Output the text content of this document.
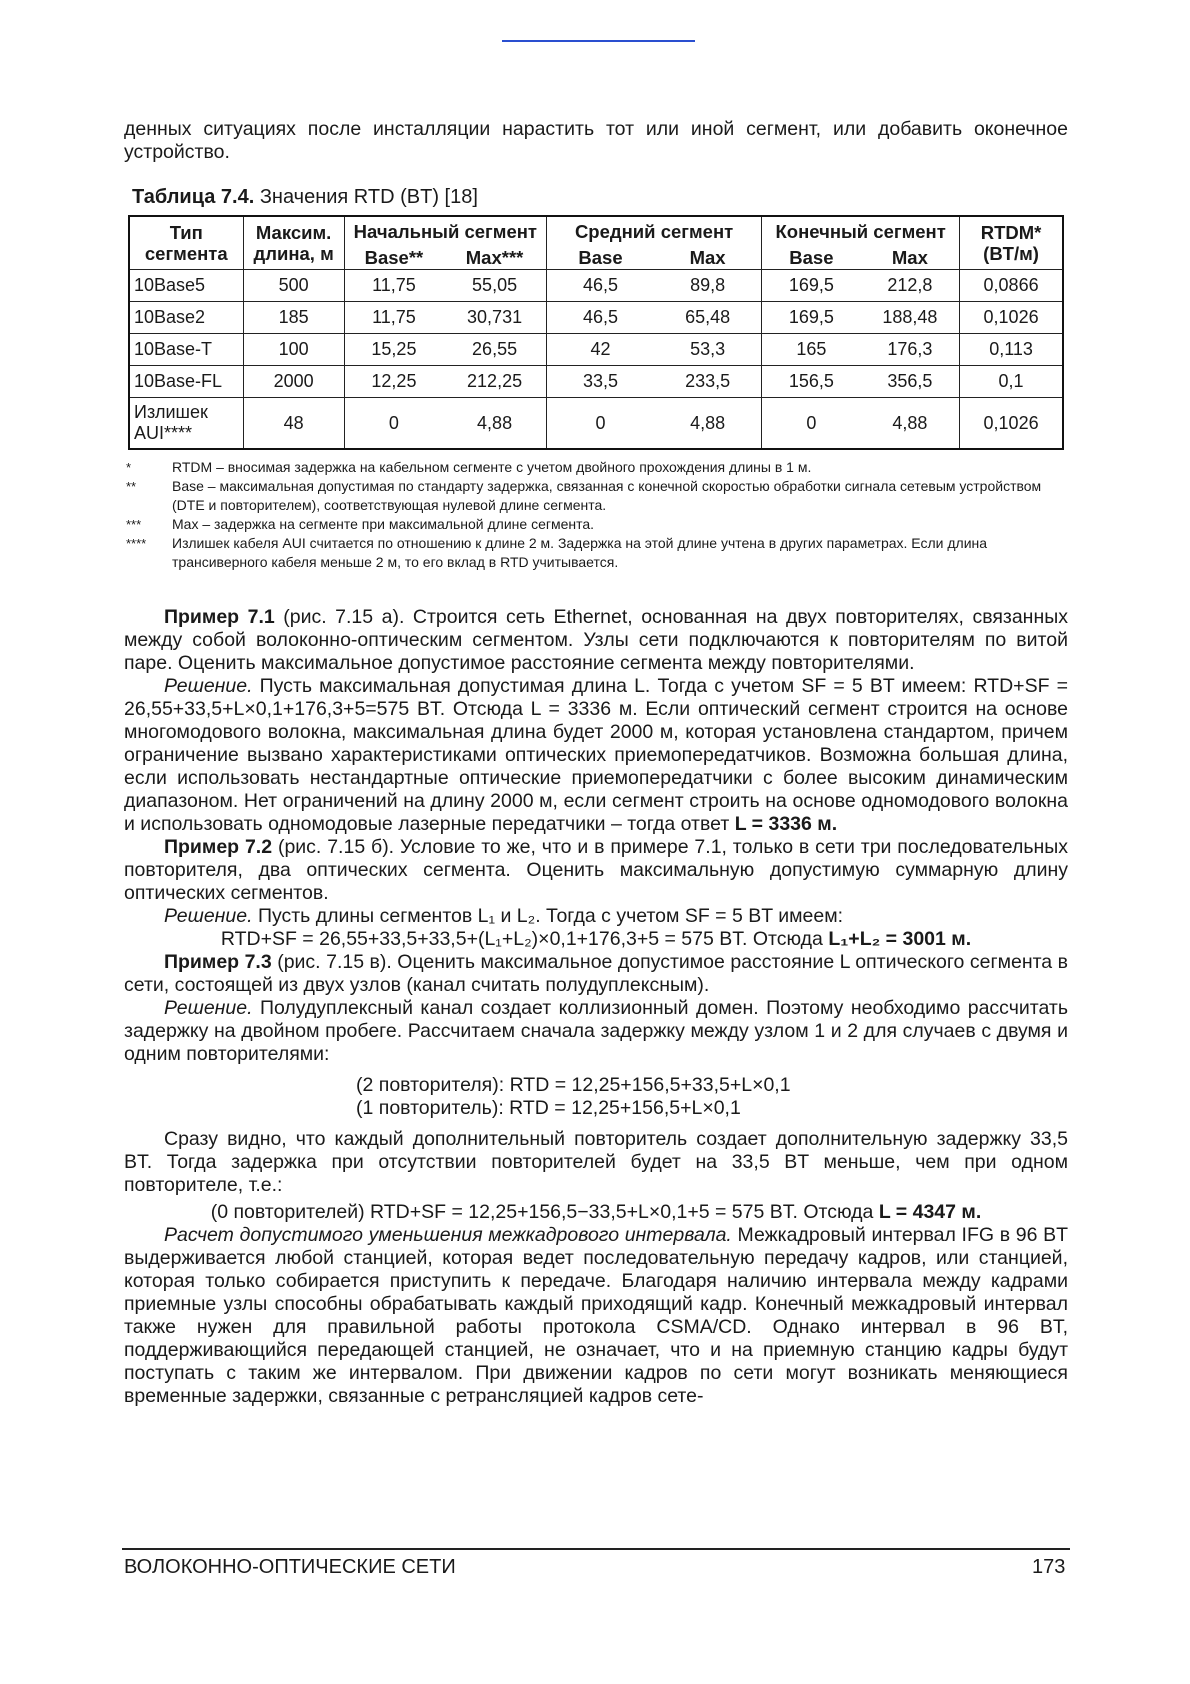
денных ситуациях после инсталляции нарастить тот или иной сегмент, или добавить оконечное устройство.

Таблица 7.4. Значения RTD (BT) [18]
Тип сегмента	Максим. длина, м	Начальный сегмент		Средний сегмент		Конечный сегмент		RTDM* (BT/м)
		Base**	Max***	Base	Max	Base	Max	
10Base5	500	11,75	55,05	46,5	89,8	169,5	212,8	0,0866
10Base2	185	11,75	30,731	46,5	65,48	169,5	188,48	0,1026
10Base-T	100	15,25	26,55	42	53,3	165	176,3	0,113
10Base-FL	2000	12,25	212,25	33,5	233,5	156,5	356,5	0,1
Излишек AUI****	48	0	4,88	0	4,88	0	4,88	0,1026
*	RTDM – вносимая задержка на кабельном сегменте с учетом двойного прохождения длины в 1 м.
**	Base – максимальная допустимая по стандарту задержка, связанная с конечной скоростью обработки сигнала сетевым устройством (DTE и повторителем), соответствующая нулевой длине сегмента.
***	Max – задержка на сегменте при максимальной длине сегмента.
****	Излишек кабеля AUI считается по отношению к длине 2 м. Задержка на этой длине учтена в других параметрах. Если длина трансиверного кабеля меньше 2 м, то его вклад в RTD учитывается.

Пример 7.1 (рис. 7.15 а). Строится сеть Ethernet, основанная на двух повторителях, связанных между собой волоконно-оптическим сегментом. Узлы сети подключаются к повторителям по витой паре. Оценить максимальное допустимое расстояние сегмента между повторителями.

Решение. Пусть максимальная допустимая длина L. Тогда с учетом SF = 5 BT имеем: RTD+SF = 26,55+33,5+L×0,1+176,3+5=575 BT. Отсюда L = 3336 м. Если оптический сегмент строится на основе многомодового волокна, максимальная длина будет 2000 м, которая установлена стандартом, причем ограничение вызвано характеристиками оптических приемопередатчиков. Возможна большая длина, если использовать нестандартные оптические приемопередатчики с более высоким динамическим диапазоном. Нет ограничений на длину 2000 м, если сегмент строить на основе одномодового волокна и использовать одномодовые лазерные передатчики – тогда ответ L = 3336 м.

Пример 7.2 (рис. 7.15 б). Условие то же, что и в примере 7.1, только в сети три последовательных повторителя, два оптических сегмента. Оценить максимальную допустимую суммарную длину оптических сегментов.

Решение. Пусть длины сегментов L₁ и L₂. Тогда с учетом SF = 5 BT имеем:

RTD+SF = 26,55+33,5+33,5+(L₁+L₂)×0,1+176,3+5 = 575 BT. Отсюда L₁+L₂ = 3001 м.

Пример 7.3 (рис. 7.15 в). Оценить максимальное допустимое расстояние L оптического сегмента в сети, состоящей из двух узлов (канал считать полудуплексным).

Решение. Полудуплексный канал создает коллизионный домен. Поэтому необходимо рассчитать задержку на двойном пробеге. Рассчитаем сначала задержку между узлом 1 и 2 для случаев с двумя и одним повторителями:

(2 повторителя): RTD = 12,25+156,5+33,5+L×0,1

(1 повторитель): RTD = 12,25+156,5+L×0,1

Сразу видно, что каждый дополнительный повторитель создает дополнительную задержку 33,5 BT. Тогда задержка при отсутствии повторителей будет на 33,5 BT меньше, чем при одном повторителе, т.е.:

(0 повторителей) RTD+SF = 12,25+156,5−33,5+L×0,1+5 = 575 BT. Отсюда L = 4347 м.

Расчет допустимого уменьшения межкадрового интервала. Межкадровый интервал IFG в 96 BT выдерживается любой станцией, которая ведет последовательную передачу кадров, или станцией, которая только собирается приступить к передаче. Благодаря наличию интервала между кадрами приемные узлы способны обрабатывать каждый приходящий кадр. Конечный межкадровый интервал также нужен для правильной работы протокола CSMA/CD. Однако интервал в 96 BT, поддерживающийся передающей станцией, не означает, что и на приемную станцию кадры будут поступать с таким же интервалом. При движении кадров по сети могут возникать меняющиеся временные задержки, связанные с ретрансляцией кадров сете-

ВОЛОКОННО-ОПТИЧЕСКИЕ СЕТИ	173
